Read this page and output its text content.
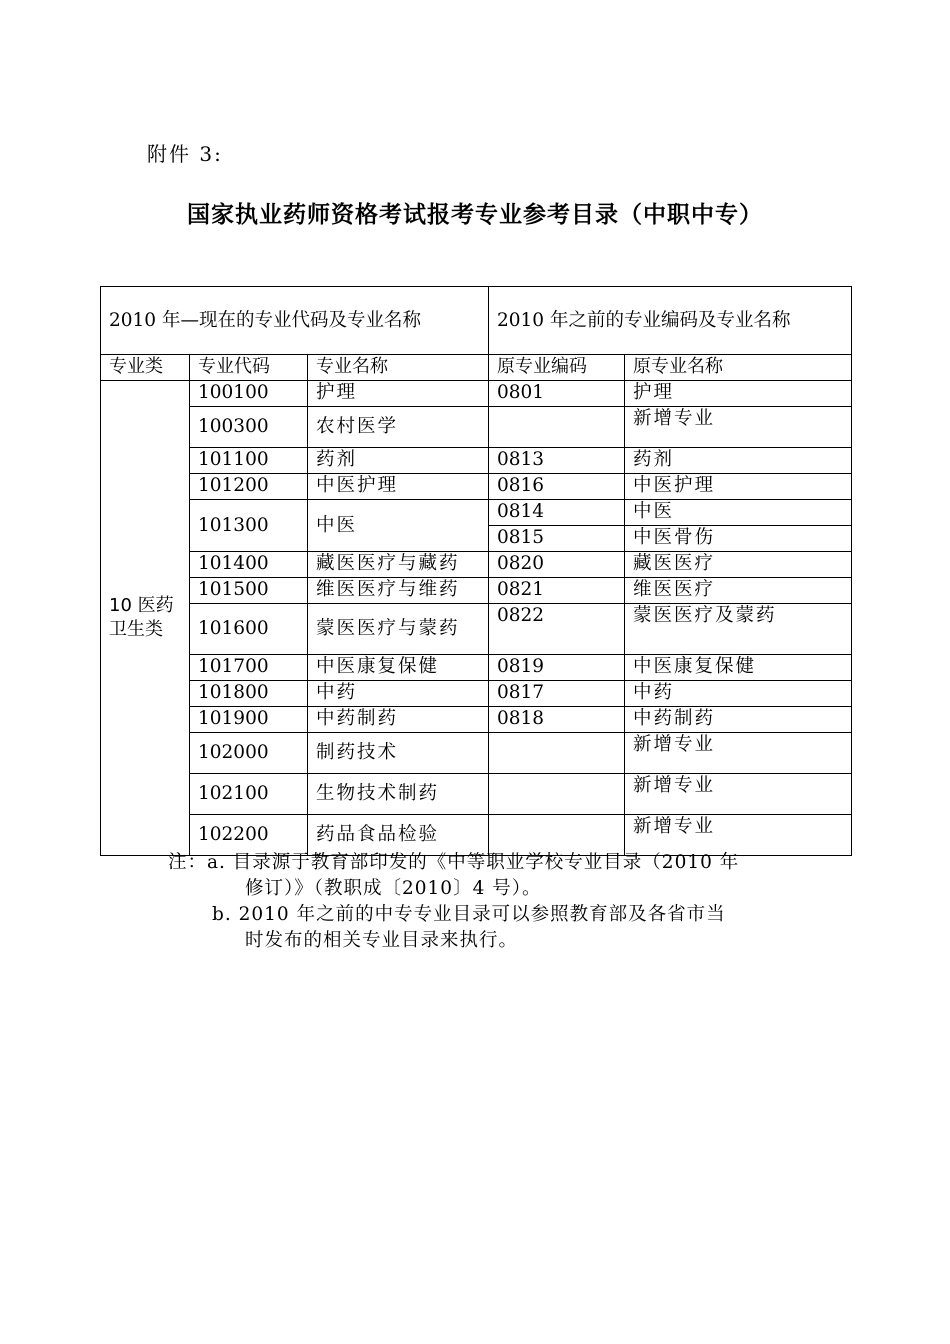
附件 3:
国家执业药师资格考试报考专业参考目录（中职中专）
2010 年—现在的专业代码及专业名称			2010 年之前的专业编码及专业名称	
专业类	专业代码	专业名称	原专业编码	原专业名称
10 医药卫生类	100100	护理	0801	护理
	100300	农村医学		新增专业
	101100	药剂	0813	药剂
	101200	中医护理	0816	中医护理
	101300	中医	0814	中医
			0815	中医骨伤
	101400	藏医医疗与藏药	0820	藏医医疗
	101500	维医医疗与维药	0821	维医医疗
	101600	蒙医医疗与蒙药	0822	蒙医医疗及蒙药
	101700	中医康复保健	0819	中医康复保健
	101800	中药	0817	中药
	101900	中药制药	0818	中药制药
	102000	制药技术		新增专业
	102100	生物技术制药		新增专业
	102200	药品食品检验		新增专业
注：a. 目录源于教育部印发的《中等职业学校专业目录（2010 年
修订）》（教职成〔2010〕4 号）。
b. 2010 年之前的中专专业目录可以参照教育部及各省市当
时发布的相关专业目录来执行。
